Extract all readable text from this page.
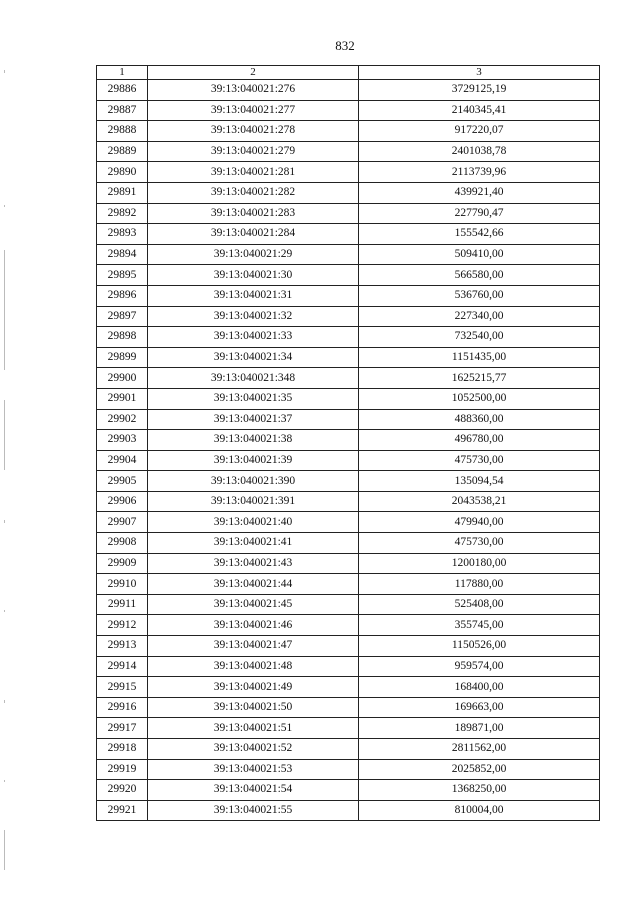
832
1	2	3
29886	39:13:040021:276	3729125,19
29887	39:13:040021:277	2140345,41
29888	39:13:040021:278	917220,07
29889	39:13:040021:279	2401038,78
29890	39:13:040021:281	2113739,96
29891	39:13:040021:282	439921,40
29892	39:13:040021:283	227790,47
29893	39:13:040021:284	155542,66
29894	39:13:040021:29	509410,00
29895	39:13:040021:30	566580,00
29896	39:13:040021:31	536760,00
29897	39:13:040021:32	227340,00
29898	39:13:040021:33	732540,00
29899	39:13:040021:34	1151435,00
29900	39:13:040021:348	1625215,77
29901	39:13:040021:35	1052500,00
29902	39:13:040021:37	488360,00
29903	39:13:040021:38	496780,00
29904	39:13:040021:39	475730,00
29905	39:13:040021:390	135094,54
29906	39:13:040021:391	2043538,21
29907	39:13:040021:40	479940,00
29908	39:13:040021:41	475730,00
29909	39:13:040021:43	1200180,00
29910	39:13:040021:44	117880,00
29911	39:13:040021:45	525408,00
29912	39:13:040021:46	355745,00
29913	39:13:040021:47	1150526,00
29914	39:13:040021:48	959574,00
29915	39:13:040021:49	168400,00
29916	39:13:040021:50	169663,00
29917	39:13:040021:51	189871,00
29918	39:13:040021:52	2811562,00
29919	39:13:040021:53	2025852,00
29920	39:13:040021:54	1368250,00
29921	39:13:040021:55	810004,00
